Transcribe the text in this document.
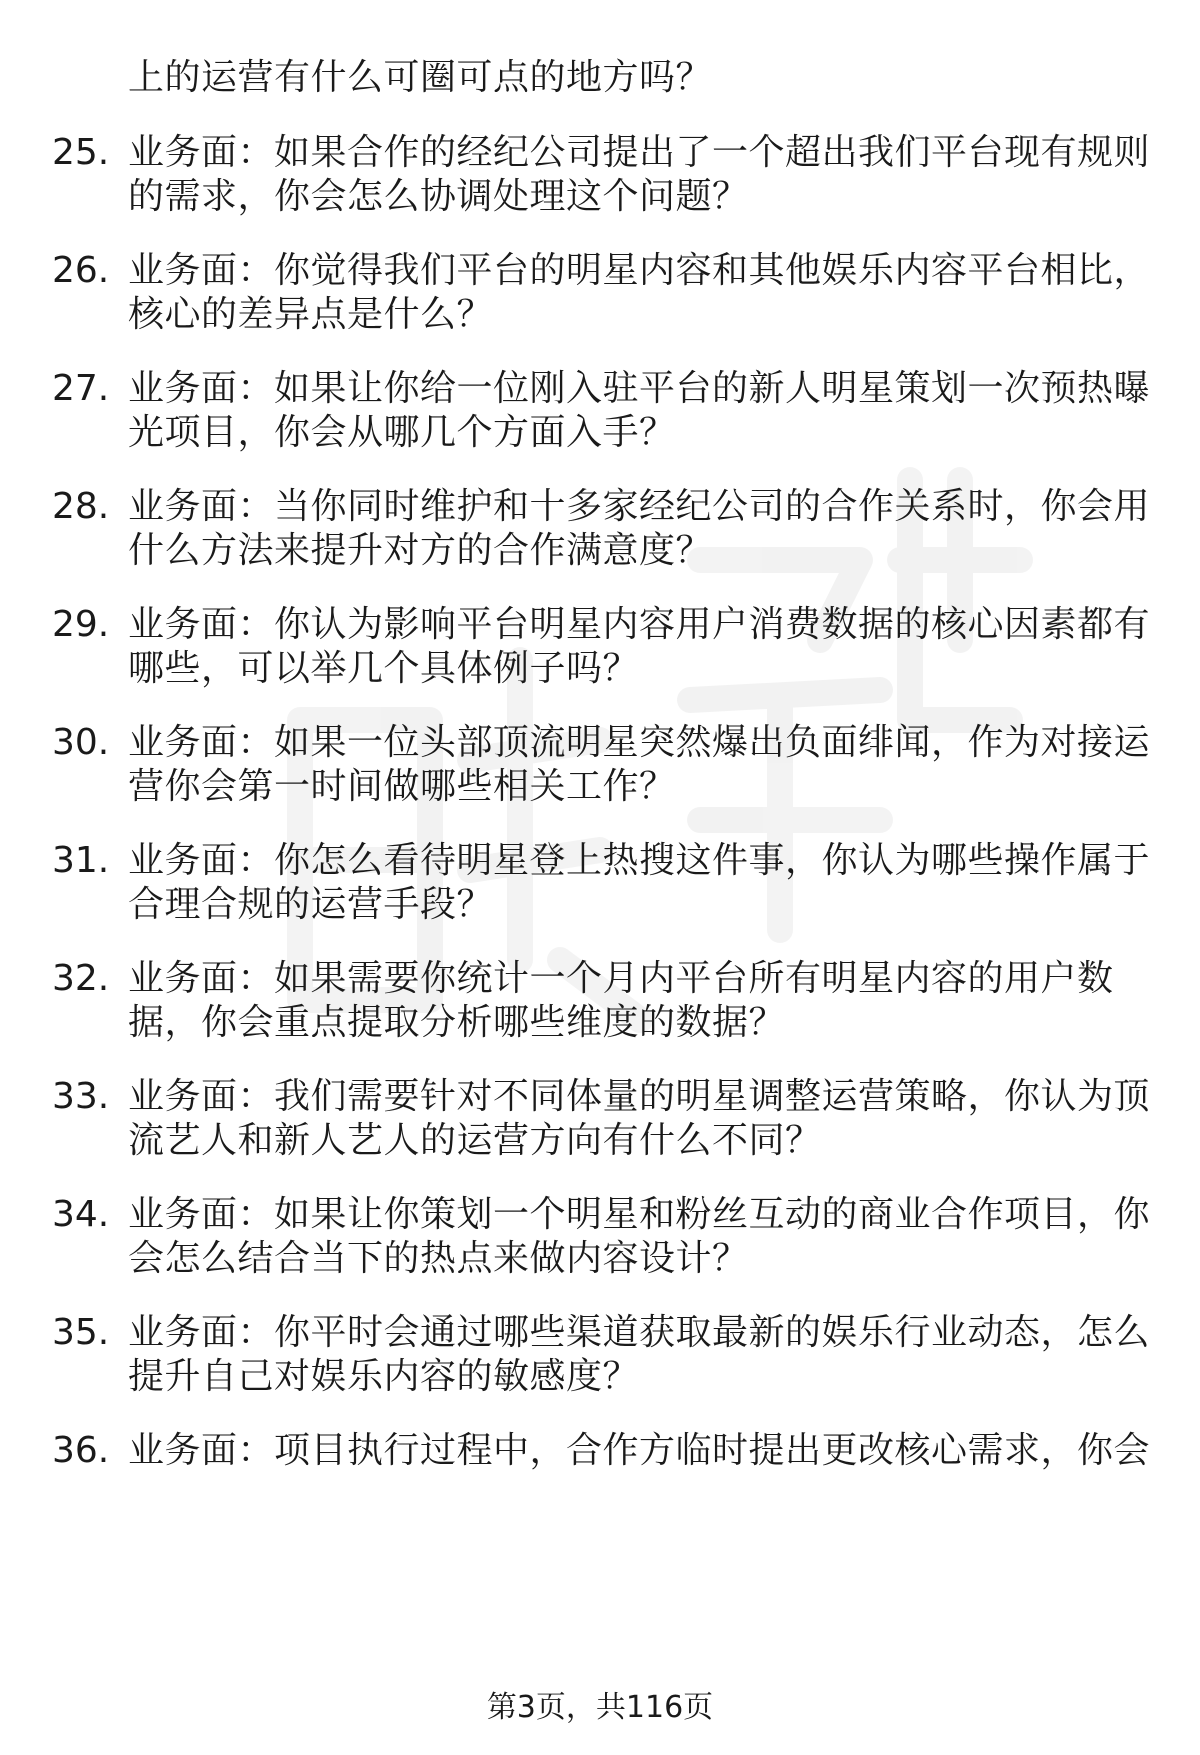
上的运营有什么可圈可点的地方吗？
25. 业务面：如果合作的经纪公司提出了一个超出我们平台现有规则
的需求，你会怎么协调处理这个问题？
26. 业务面：你觉得我们平台的明星内容和其他娱乐内容平台相比，
核心的差异点是什么？
27. 业务面：如果让你给一位刚入驻平台的新人明星策划一次预热曝
光项目，你会从哪几个方面入手？
28. 业务面：当你同时维护和十多家经纪公司的合作关系时，你会用
什么方法来提升对方的合作满意度？
29. 业务面：你认为影响平台明星内容用户消费数据的核心因素都有
哪些，可以举几个具体例子吗？
30. 业务面：如果一位头部顶流明星突然爆出负面绯闻，作为对接运
营你会第一时间做哪些相关工作？
31. 业务面：你怎么看待明星登上热搜这件事，你认为哪些操作属于
合理合规的运营手段？
32. 业务面：如果需要你统计一个月内平台所有明星内容的用户数
据，你会重点提取分析哪些维度的数据？
33. 业务面：我们需要针对不同体量的明星调整运营策略，你认为顶
流艺人和新人艺人的运营方向有什么不同？
34. 业务面：如果让你策划一个明星和粉丝互动的商业合作项目，你
会怎么结合当下的热点来做内容设计？
35. 业务面：你平时会通过哪些渠道获取最新的娱乐行业动态，怎么
提升自己对娱乐内容的敏感度？
36. 业务面：项目执行过程中，合作方临时提出更改核心需求，你会
第3页，共116页
